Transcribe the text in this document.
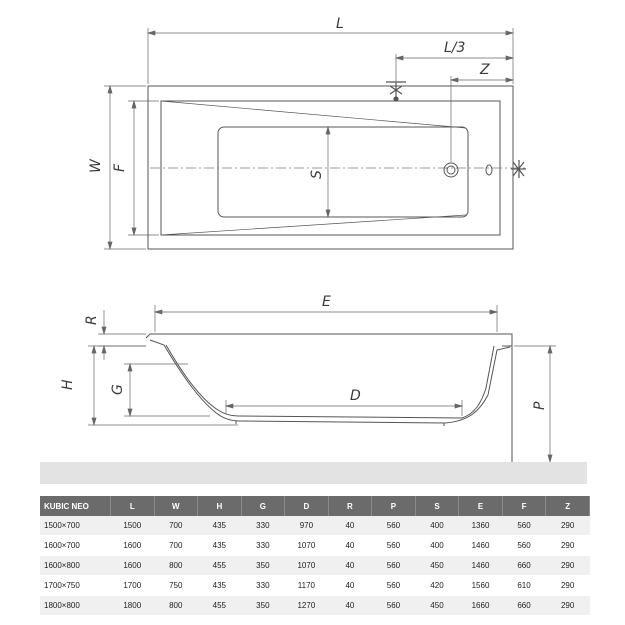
L
L/3
Z
W F
S
E
R
H G	D
P
KUBIC NEO	L	W	H	G	D	R	P	S	E	F	Z
1500×700	1500	700	435	330	970	40	560	400	1360	560	290
1600×700	1600	700	435	330	1070	40	560	400	1460	560	290
1600×800	1600	800	455	350	1070	40	560	450	1460	660	290
1700×750	1700	750	435	330	1170	40	560	420	1560	610	290
1800×800	1800	800	455	350	1270	40	560	450	1660	660	290
